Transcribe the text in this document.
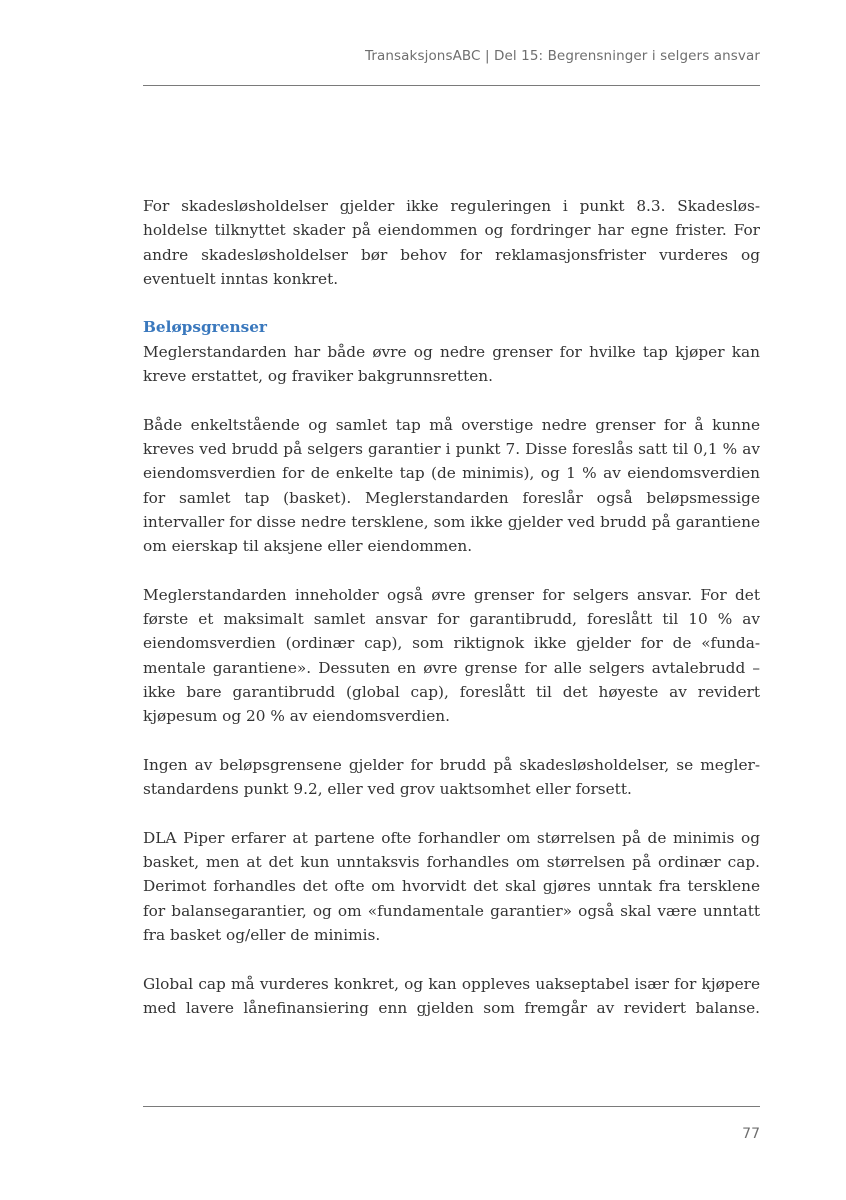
TransaksjonsABC | Del 15: Begrensninger i selgers ansvar

For skadesløsholdelser gjelder ikke reguleringen i punkt 8.3. Skadesløsholdelse tilknyttet skader på eiendommen og fordringer har egne frister. For andre skadesløsholdelser bør behov for reklamasjonsfrister vurderes og eventuelt inntas konkret.

Beløpsgrenser

Meglerstandarden har både øvre og nedre grenser for hvilke tap kjøper kan kreve erstattet, og fraviker bakgrunnsretten.

Både enkeltstående og samlet tap må overstige nedre grenser for å kunne kreves ved brudd på selgers garantier i punkt 7. Disse foreslås satt til 0,1 % av eiendomsverdien for de enkelte tap (de minimis), og 1 % av eiendomsverdien for samlet tap (basket). Meglerstandarden foreslår også beløpsmessige intervaller for disse nedre tersklene, som ikke gjelder ved brudd på garantiene om eierskap til aksjene eller eiendommen.

Meglerstandarden inneholder også øvre grenser for selgers ansvar. For det første et maksimalt samlet ansvar for garantibrudd, foreslått til 10 % av eiendomsverdien (ordinær cap), som riktignok ikke gjelder for de «fundamentale garantiene». Dessuten en øvre grense for alle selgers avtalebrudd – ikke bare garantibrudd (global cap), foreslått til det høyeste av revidert kjøpesum og 20 % av eiendomsverdien.

Ingen av beløpsgrensene gjelder for brudd på skadesløsholdelser, se meglerstandardens punkt 9.2, eller ved grov uaktsomhet eller forsett.

DLA Piper erfarer at partene ofte forhandler om størrelsen på de minimis og basket, men at det kun unntaksvis forhandles om størrelsen på ordinær cap. Derimot forhandles det ofte om hvorvidt det skal gjøres unntak fra tersklene for balansegarantier, og om «fundamentale garantier» også skal være unntatt fra basket og/eller de minimis.

Global cap må vurderes konkret, og kan oppleves uakseptabel især for kjøpere med lavere lånefinansiering enn gjelden som fremgår av revidert balanse.

77
